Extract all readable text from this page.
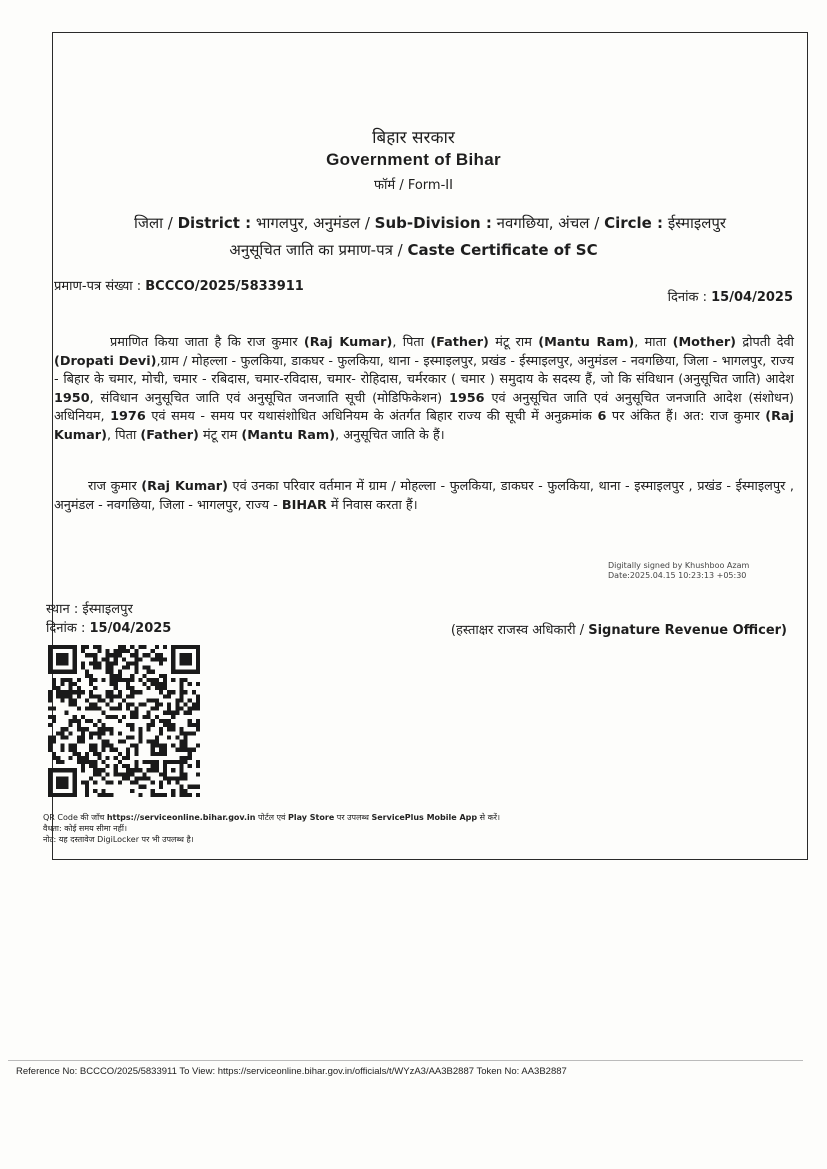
बिहार सरकार
Government of Bihar
फॉर्म / Form-II
जिला / District : भागलपुर, अनुमंडल / Sub-Division : नवगछिया, अंचल / Circle : ईस्माइलपुर
अनुसूचित जाति का प्रमाण-पत्र / Caste Certificate of SC
प्रमाण-पत्र संख्या : BCCCO/2025/5833911
दिनांक : 15/04/2025
प्रमाणित किया जाता है कि राज कुमार (Raj Kumar), पिता (Father) मंटू राम (Mantu Ram), माता (Mother) द्रोपती देवी (Dropati Devi),ग्राम / मोहल्ला - फुलकिया, डाकघर - फुलकिया, थाना - इस्माइलपुर, प्रखंड - ईस्माइलपुर, अनुमंडल - नवगछिया, जिला - भागलपुर, राज्य - बिहार के चमार, मोची, चमार - रबिदास, चमार-रविदास, चमार- रोहिदास, चर्मरकार ( चमार ) समुदाय के सदस्य हैं, जो कि संविधान (अनुसूचित जाति) आदेश 1950, संविधान अनुसूचित जाति एवं अनुसूचित जनजाति सूची (मोडिफिकेशन) 1956 एवं अनुसूचित जाति एवं अनुसूचित जनजाति आदेश (संशोधन) अधिनियम, 1976 एवं समय - समय पर यथासंशोधित अधिनियम के अंतर्गत बिहार राज्य की सूची में अनुक्रमांक 6 पर अंकित हैं। अत: राज कुमार (Raj Kumar), पिता (Father) मंटू राम (Mantu Ram), अनुसूचित जाति के हैं।
राज कुमार (Raj Kumar) एवं उनका परिवार वर्तमान में ग्राम / मोहल्ला - फुलकिया, डाकघर - फुलकिया, थाना - इस्माइलपुर , प्रखंड - ईस्माइलपुर , अनुमंडल - नवगछिया, जिला - भागलपुर, राज्य - BIHAR में निवास करता हैं।
Digitally signed by Khushboo Azam
Date:2025.04.15 10:23:13 +05:30
स्थान : ईस्माइलपुर
दिनांक : 15/04/2025	(हस्ताक्षर राजस्व अधिकारी / Signature Revenue Officer)
QR Code की जाँच https://serviceonline.bihar.gov.in पोर्टल एवं Play Store पर उपलब्ध ServicePlus Mobile App से करें।
वैधता: कोई समय सीमा नहीं।
नोट: यह दस्तावेज DigiLocker पर भी उपलब्ध है।
Reference No: BCCCO/2025/5833911 To View: https://serviceonline.bihar.gov.in/officials/t/WYzA3/AA3B2887 Token No: AA3B2887
